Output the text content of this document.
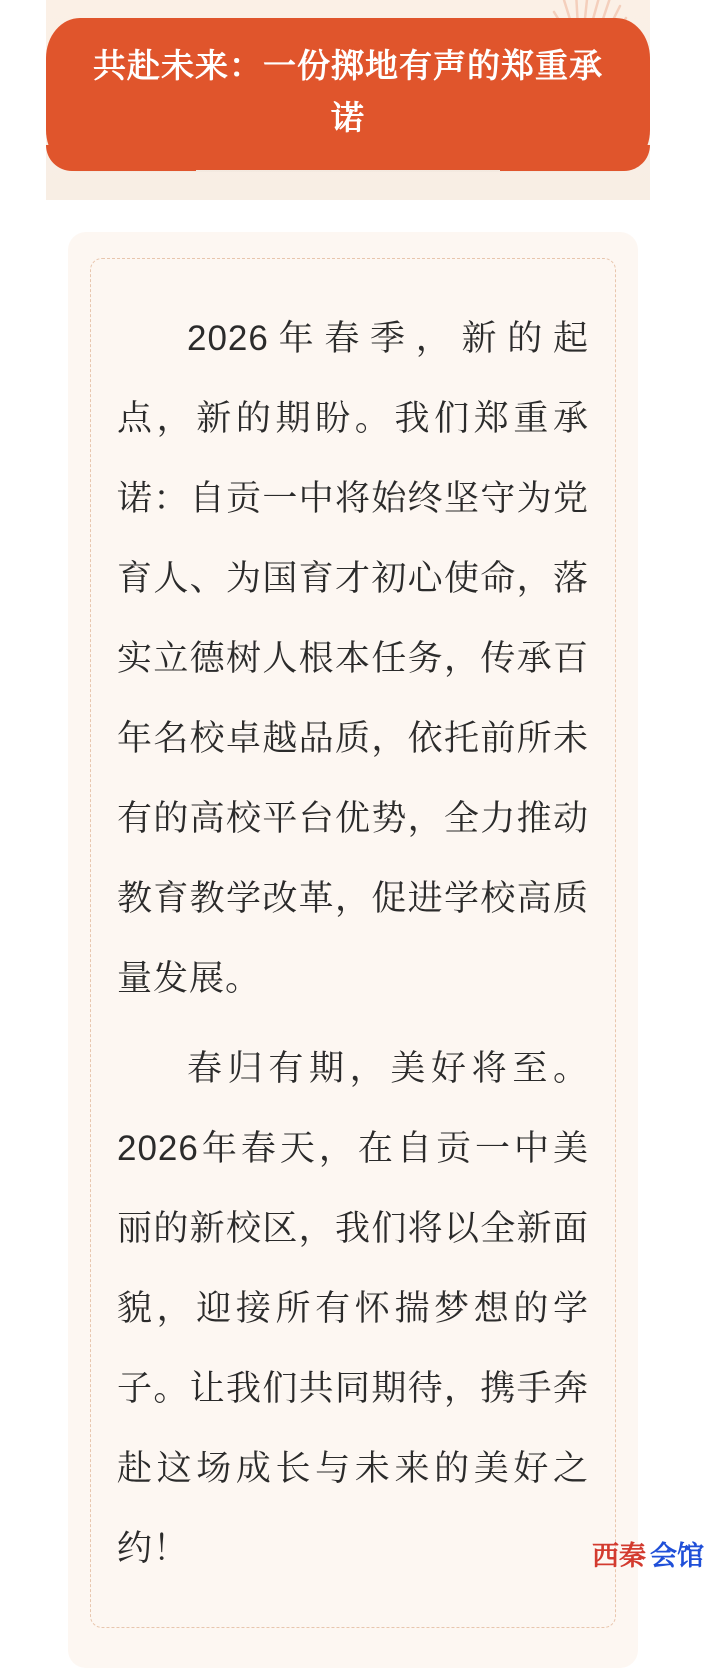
共赴未来：一份掷地有声的郑重承诺

2026年春季，新的起点，新的期盼。我们郑重承诺：自贡一中将始终坚守为党育人、为国育才初心使命，落实立德树人根本任务，传承百年名校卓越品质，依托前所未有的高校平台优势，全力推动教育教学改革，促进学校高质量发展。

春归有期，美好将至。2026年春天，在自贡一中美丽的新校区，我们将以全新面貌，迎接所有怀揣梦想的学子。让我们共同期待，携手奔赴这场成长与未来的美好之约！	西秦 会馆
